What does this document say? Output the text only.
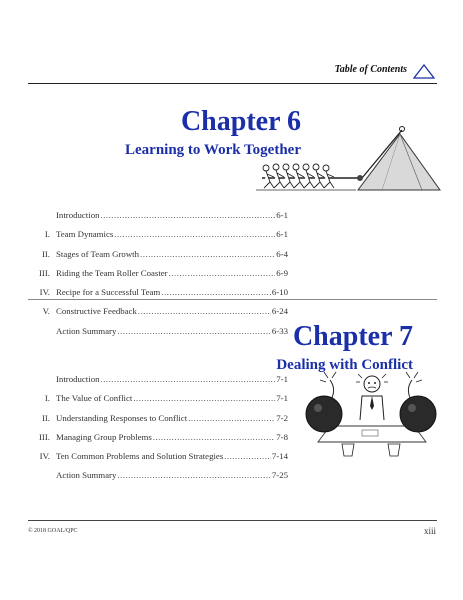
Table of Contents
Chapter 6
Learning to Work Together
Introduction .....	6-1
I. Team Dynamics .....	6-1
II. Stages of Team Growth .....	6-4
III. Riding the Team Roller Coaster .....	6-9
IV. Recipe for a Successful Team .....	6-10
V. Constructive Feedback .....	6-24
Action Summary .....	6-33 Chapter 7
Dealing with Conflict
Introduction .....	7-1
I. The Value of Conflict .....	7-1
II. Understanding Responses to Conflict .....	7-2
III. Managing Group Problems .....	7-8
IV. Ten Common Problems and Solution Strategies .....	7-14
Action Summary .....	7-25
© 2018 GOAL/QPC	xiii
